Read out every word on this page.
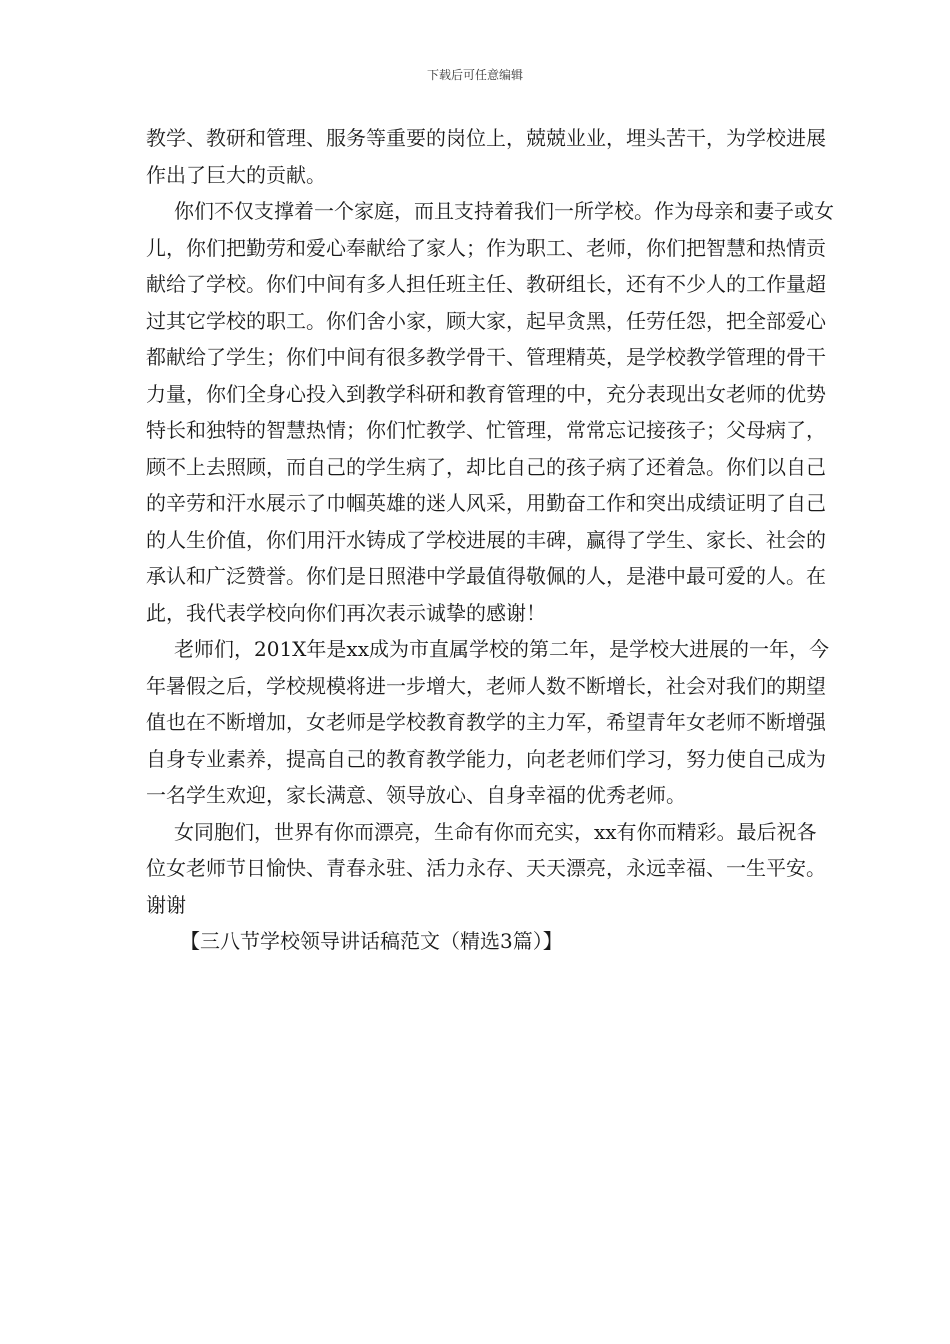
下载后可任意编辑
教学、教研和管理、服务等重要的岗位上，兢兢业业，埋头苦干，为学校进展
作出了巨大的贡献。
你们不仅支撑着一个家庭，而且支持着我们一所学校。作为母亲和妻子或女
儿，你们把勤劳和爱心奉献给了家人；作为职工、老师，你们把智慧和热情贡
献给了学校。你们中间有多人担任班主任、教研组长，还有不少人的工作量超
过其它学校的职工。你们舍小家，顾大家，起早贪黑，任劳任怨，把全部爱心
都献给了学生；你们中间有很多教学骨干、管理精英，是学校教学管理的骨干
力量，你们全身心投入到教学科研和教育管理的中，充分表现出女老师的优势
特长和独特的智慧热情；你们忙教学、忙管理，常常忘记接孩子；父母病了，
顾不上去照顾，而自己的学生病了，却比自己的孩子病了还着急。你们以自己
的辛劳和汗水展示了巾帼英雄的迷人风采，用勤奋工作和突出成绩证明了自己
的人生价值，你们用汗水铸成了学校进展的丰碑，赢得了学生、家长、社会的
承认和广泛赞誉。你们是日照港中学最值得敬佩的人，是港中最可爱的人。在
此，我代表学校向你们再次表示诚挚的感谢！
老师们，201X年是xx成为市直属学校的第二年，是学校大进展的一年，今
年暑假之后，学校规模将进一步增大，老师人数不断增长，社会对我们的期望
值也在不断增加，女老师是学校教育教学的主力军，希望青年女老师不断增强
自身专业素养，提高自己的教育教学能力，向老老师们学习，努力使自己成为
一名学生欢迎，家长满意、领导放心、自身幸福的优秀老师。
女同胞们，世界有你而漂亮，生命有你而充实，xx有你而精彩。最后祝各
位女老师节日愉快、青春永驻、活力永存、天天漂亮，永远幸福、一生平安。
谢谢
【三八节学校领导讲话稿范文（精选3篇）】
